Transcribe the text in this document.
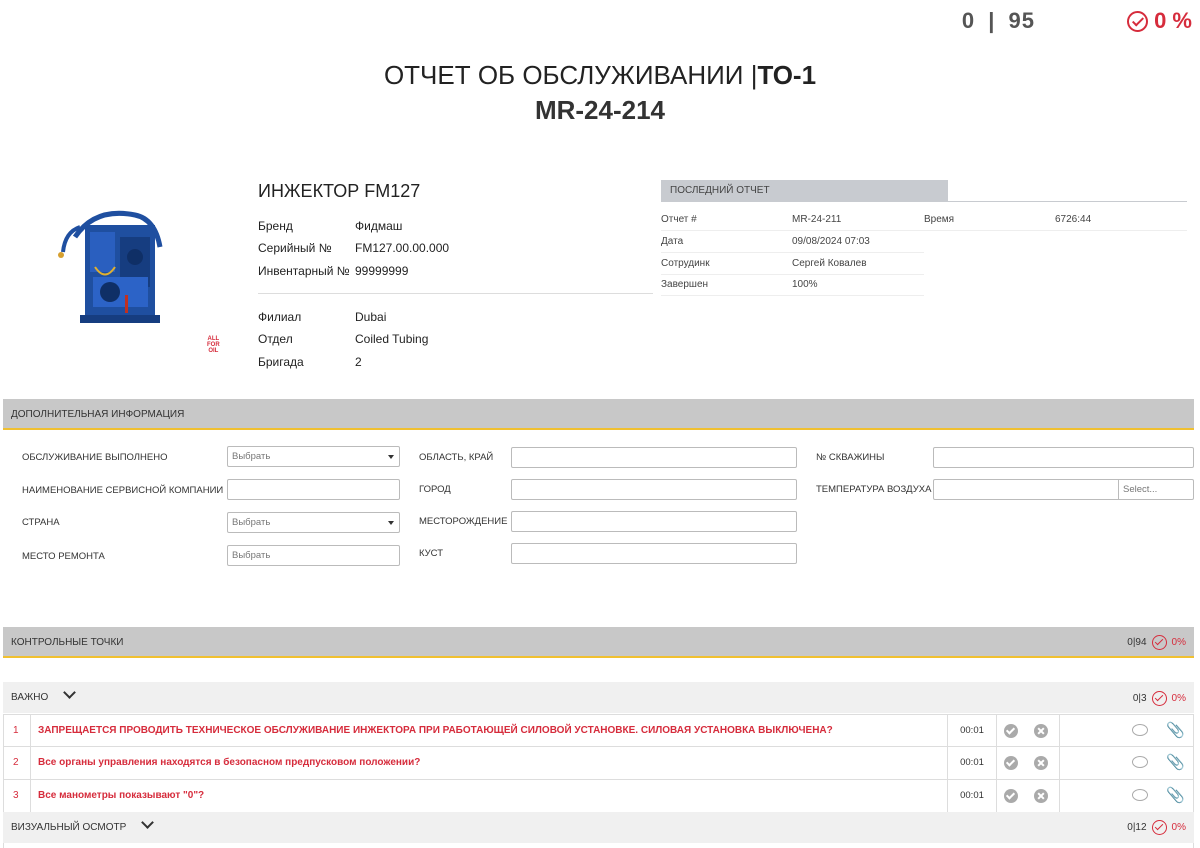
0 | 95	0 %
ОТЧЕТ ОБ ОБСЛУЖИВАНИИ |ТО-1
MR-24-214
ALL
FOR
OIL
ИНЖЕКТОР FM127
Бренд	Фидмаш
Серийный № FM127.00.00.000
Инвентарный № 99999999
Филиал	Dubai
Отдел	Coiled Tubing
Бригада	2
ПОСЛЕДНИЙ ОТЧЕТ
Отчет #	MR-24-211	Время	6726:44
Дата	09/08/2024 07:03
Сотрудинк	Сергей Ковалев
Завершен	100%
ДОПОЛНИТЕЛЬНАЯ ИНФОРМАЦИЯ
ОБСЛУЖИВАНИЕ ВЫПОЛНЕНО	Выбрать
НАИМЕНОВАНИЕ СЕРВИСНОЙ КОМПАНИИ
СТРАНА	Выбрать
МЕСТО РЕМОНТА	Выбрать
ОБЛАСТЬ, КРАЙ
ГОРОД
МЕСТОРОЖДЕНИЕ
КУСТ
№ СКВАЖИНЫ
ТЕМПЕРАТУРА ВОЗДУХА	Select...
КОНТРОЛЬНЫЕ ТОЧКИ	0|94	0%
ВАЖНО	0|3	0%
1	ЗАПРЕЩАЕТСЯ ПРОВОДИТЬ ТЕХНИЧЕСКОЕ ОБСЛУЖИВАНИЕ ИНЖЕКТОРА ПРИ РАБОТАЮЩЕЙ СИЛОВОЙ УСТАНОВКЕ. СИЛОВАЯ УСТАНОВКА ВЫКЛЮЧЕНА?	00:01	📎
2	Все органы управления находятся в безопасном предпусковом положении?	00:01	📎
3	Все манометры показывают "0"?	00:01	📎
ВИЗУАЛЬНЫЙ ОСМОТР	0|12	0%
